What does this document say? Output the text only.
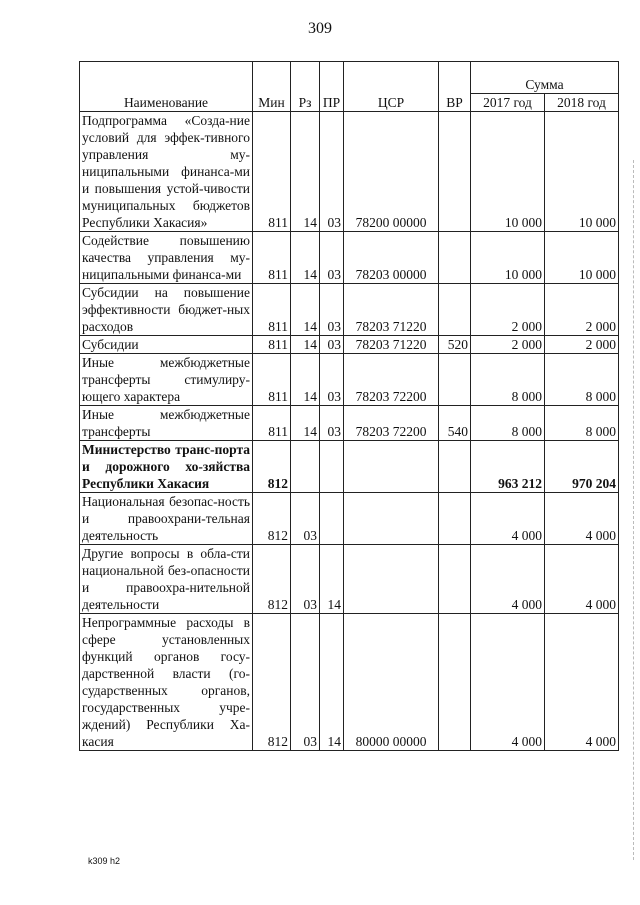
309
Наименование	Мин	Рз	ПР	ЦСР	ВР	Сумма	
						2017 год	2018 год
Подпрограмма «Созда-ние условий для эффек-тивного управления му-ниципальными финанса-ми и повышения устой-чивости муниципальных бюджетов Республики Хакасия»	811	14	03	78200 00000		10 000	10 000
Содействие повышению качества управления му-ниципальными финанса-ми	811	14	03	78203 00000		10 000	10 000
Субсидии на повышение эффективности бюджет-ных расходов	811	14	03	78203 71220		2 000	2 000
Субсидии	811	14	03	78203 71220	520	2 000	2 000
Иные межбюджетные трансферты стимулиру-ющего характера	811	14	03	78203 72200		8 000	8 000
Иные межбюджетные трансферты	811	14	03	78203 72200	540	8 000	8 000
Министерство транс-порта и дорожного хо-зяйства Республики Хакасия	812					963 212	970 204
Национальная безопас-ность и правоохрани-тельная деятельность	812	03				4 000	4 000
Другие вопросы в обла-сти национальной без-опасности и правоохра-нительной деятельности	812	03	14			4 000	4 000
Непрограммные расходы в сфере установленных функций органов госу-дарственной власти (го-сударственных органов, государственных учре-ждений) Республики Ха-касия	812	03	14	80000 00000		4 000	4 000
k309 h2
